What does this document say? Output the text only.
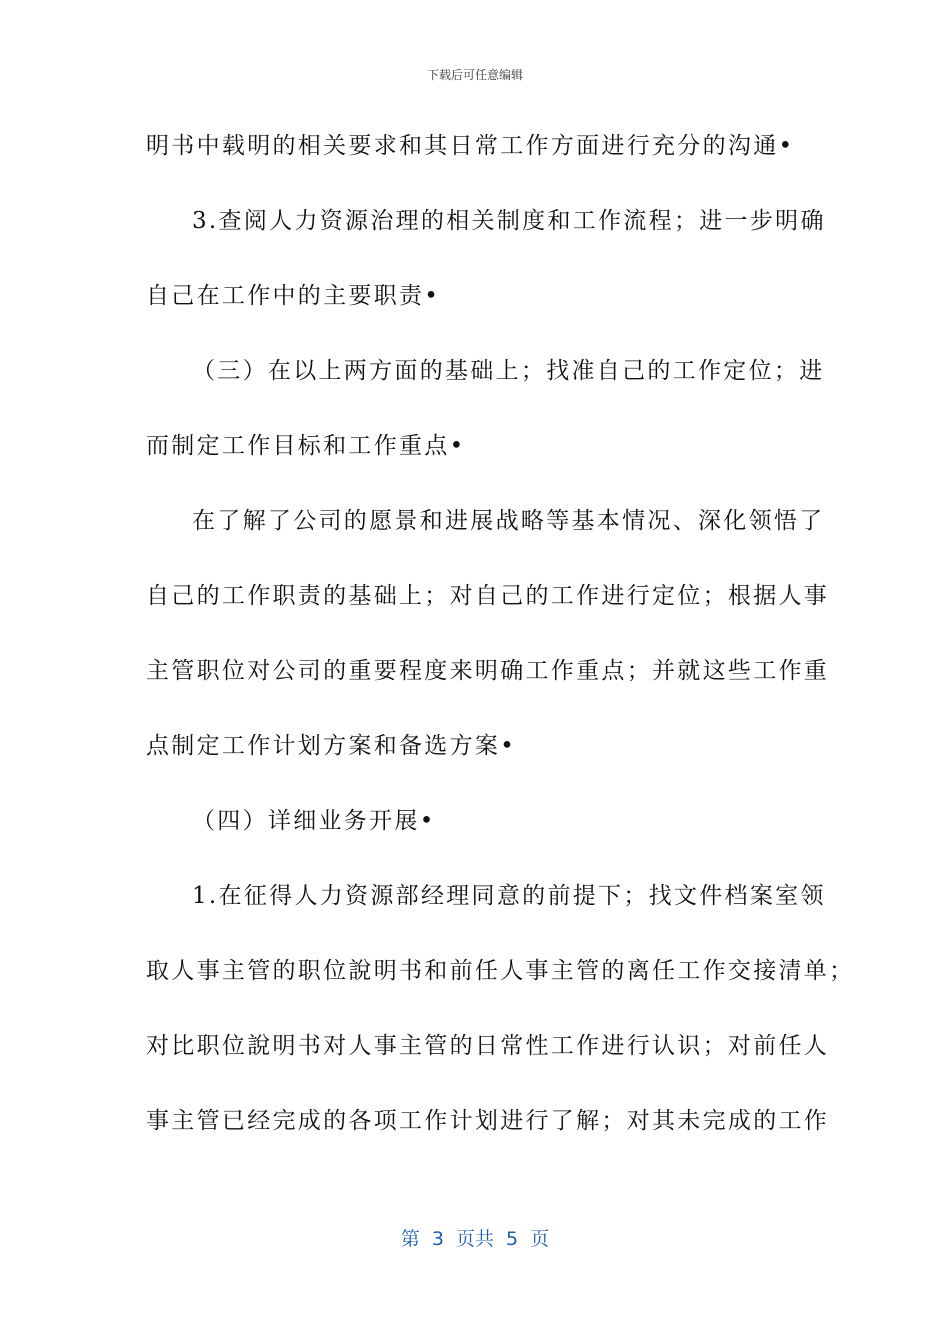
下载后可任意编辑

明书中载明的相关要求和其日常工作方面进行充分的沟通•

3.查阅人力资源治理的相关制度和工作流程；进一步明确

自己在工作中的主要职责•

（三）在以上两方面的基础上；找准自己的工作定位；进

而制定工作目标和工作重点•

在了解了公司的愿景和进展战略等基本情况、深化领悟了

自己的工作职责的基础上；对自己的工作进行定位；根据人事

主管职位对公司的重要程度来明确工作重点；并就这些工作重

点制定工作计划方案和备选方案•

（四）详细业务开展•

1.在征得人力资源部经理同意的前提下；找文件档案室领

取人事主管的职位說明书和前任人事主管的离任工作交接清单；

对比职位說明书对人事主管的日常性工作进行认识；对前任人

事主管已经完成的各项工作计划进行了解；对其未完成的工作

第 3 页共 5 页
